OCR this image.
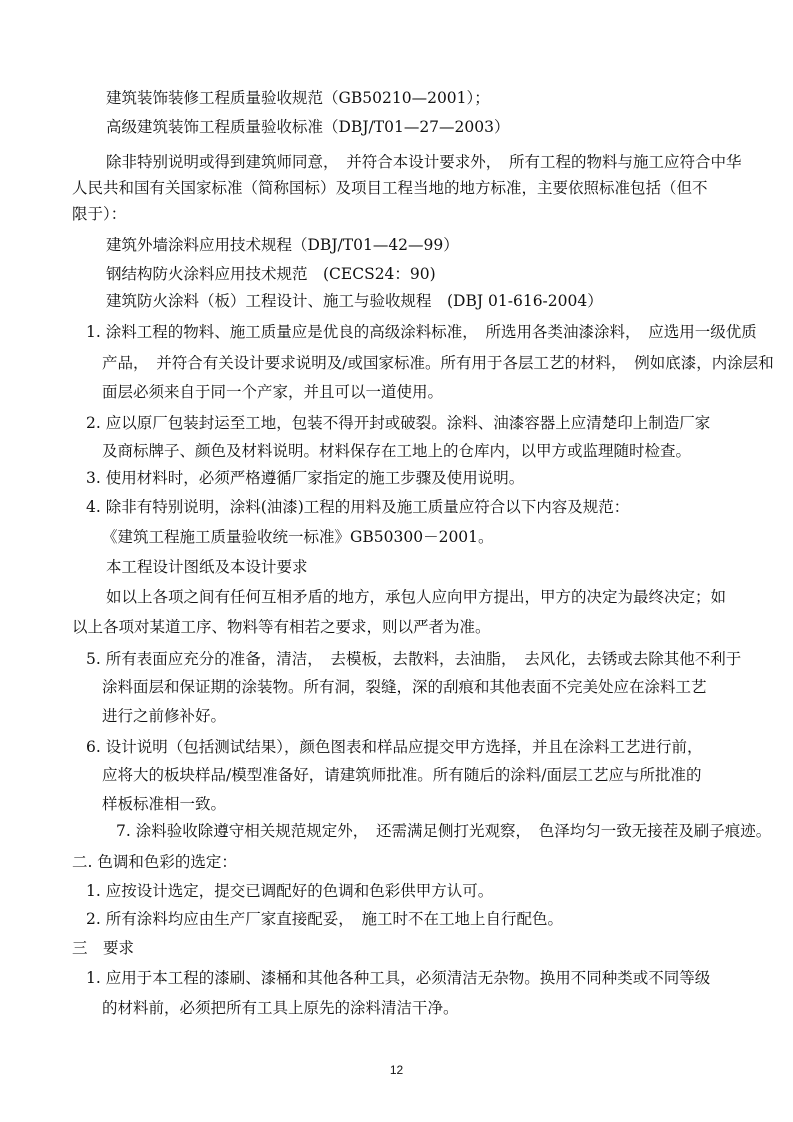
建筑装饰装修工程质量验收规范（GB50210—2001）；
高级建筑装饰工程质量验收标准（DBJ/T01—27—2003）
除非特别说明或得到建筑师同意，　并符合本设计要求外，　所有工程的物料与施工应符合中华
人民共和国有关国家标准（简称国标）及项目工程当地的地方标准，主要依照标准包括（但不
限于）：
建筑外墙涂料应用技术规程（DBJ/T01—42—99）
钢结构防火涂料应用技术规范　(CECS24：90)
建筑防火涂料（板）工程设计、施工与验收规程　(DBJ 01-616-2004）
1. 涂料工程的物料、施工质量应是优良的高级涂料标准，　所选用各类油漆涂料，　应选用一级优质
产品，　并符合有关设计要求说明及/或国家标准。所有用于各层工艺的材料，　例如底漆，内涂层和
面层必须来自于同一个产家，并且可以一道使用。
2. 应以原厂包装封运至工地，包装不得开封或破裂。涂料、油漆容器上应清楚印上制造厂家
及商标牌子、颜色及材料说明。材料保存在工地上的仓库内，以甲方或监理随时检查。
3. 使用材料时，必须严格遵循厂家指定的施工步骤及使用说明。
4. 除非有特别说明，涂料(油漆)工程的用料及施工质量应符合以下内容及规范：
《建筑工程施工质量验收统一标准》GB50300－2001。
本工程设计图纸及本设计要求
如以上各项之间有任何互相矛盾的地方，承包人应向甲方提出，甲方的决定为最终决定；如
以上各项对某道工序、物料等有相若之要求，则以严者为准。
5. 所有表面应充分的准备，清洁，　去模板，去散料，去油脂，　去风化，去锈或去除其他不利于
涂料面层和保证期的涂装物。所有洞，裂缝，深的刮痕和其他表面不完美处应在涂料工艺
进行之前修补好。
6. 设计说明（包括测试结果），颜色图表和样品应提交甲方选择，并且在涂料工艺进行前，
应将大的板块样品/模型准备好，请建筑师批准。所有随后的涂料/面层工艺应与所批准的
样板标准相一致。
7. 涂料验收除遵守相关规范规定外，　还需满足侧打光观察，　色泽均匀一致无接茬及刷子痕迹。
二. 色调和色彩的选定：
1. 应按设计选定，提交已调配好的色调和色彩供甲方认可。
2. 所有涂料均应由生产厂家直接配妥，　施工时不在工地上自行配色。
三　要求
1. 应用于本工程的漆刷、漆桶和其他各种工具，必须清洁无杂物。换用不同种类或不同等级
的材料前，必须把所有工具上原先的涂料清洁干净。
12
